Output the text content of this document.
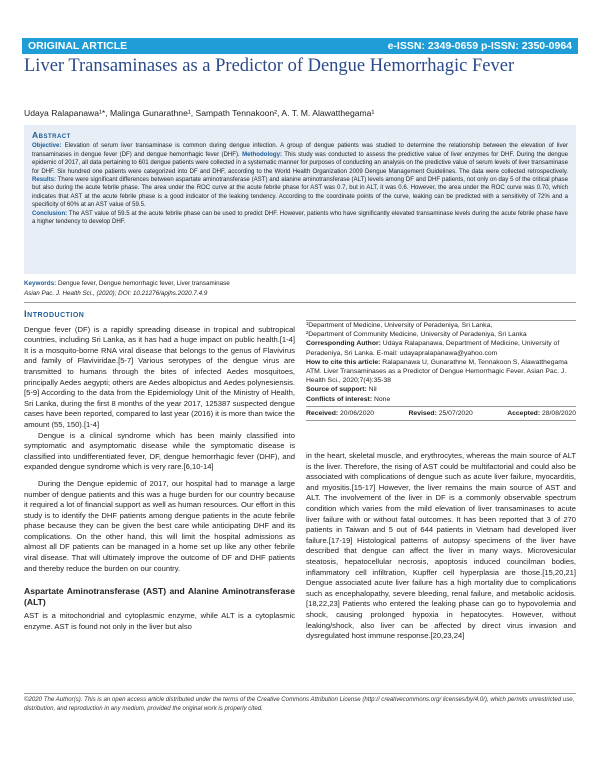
ORIGINAL ARTICLE	e-ISSN: 2349-0659 p-ISSN: 2350-0964
Liver Transaminases as a Predictor of Dengue Hemorrhagic Fever
Udaya Ralapanawa¹*, Malinga Gunarathne¹, Sampath Tennakoon², A. T. M. Alawatthegama¹
Abstract
Objective: Elevation of serum liver transaminase is common during dengue infection. A group of dengue patients was studied to determine the relationship between the elevation of liver transaminases in dengue fever (DF) and dengue hemorrhagic fever (DHF). Methodology: This study was conducted to assess the predictive value of liver enzymes for DHF. During the dengue epidemic of 2017, all data pertaining to 601 dengue patients were collected in a systematic manner for purposes of conducting an analysis on the predictive value of serum levels of liver transaminase for DHF. Six hundred one patients were categorized into DF and DHF, according to the World Health Organization 2009 Dengue Management Guidelines. The data were collected retrospectively. Results: There were significant differences between aspartate aminotransferase (AST) and alanine aminotransferase (ALT) levels among DF and DHF patients, not only on day 5 of the critical phase but also during the acute febrile phase. The area under the ROC curve at the acute febrile phase for AST was 0.7, but in ALT, it was 0.6. However, the area under the ROC curve was 0.70, which indicates that AST at the acute febrile phase is a good indicator of the leaking tendency. According to the coordinate points of the curve, leaking can be predicted with a sensitivity of 72% and a specificity of 60% at an AST value of 59.5.
Conclusion: The AST value of 59.5 at the acute febrile phase can be used to predict DHF. However, patients who have significantly elevated transaminase levels during the acute febrile phase have a higher tendency to develop DHF.
Keywords: Dengue fever, Dengue hemorrhagic fever, Liver transaminase
Asian Pac. J. Health Sci., (2020); DOI: 10.21276/apjhs.2020.7.4.9
Introduction

Dengue fever (DF) is a rapidly spreading disease in tropical and subtropical countries, including Sri Lanka, as it has had a huge impact on public health.[1-4] It is a mosquito-borne RNA viral disease that belongs to the genus of Flavivirus and family of Flaviviridae.[5-7] Various serotypes of the dengue virus are transmitted to humans through the bites of infected Aedes mosquitoes, principally Aedes aegypti; others are Aedes albopictus and Aedes polynesiensis.[5-9] According to the data from the Epidemiology Unit of the Ministry of Health, Sri Lanka, during the first 8 months of the year 2017, 125387 suspected dengue cases have been reported, compared to last year (2016) it is more than twice the amount (55, 150).[1-4]

Dengue is a clinical syndrome which has been mainly classified into symptomatic and asymptomatic disease while the symptomatic disease is classified into undifferentiated fever, DF, dengue hemorrhagic fever (DHF), and expanded dengue syndrome which is very rare.[6,10-14]

During the Dengue epidemic of 2017, our hospital had to manage a large number of dengue patients and this was a huge burden for our country because it required a lot of financial support as well as human resources. Our effort in this study is to identify the DHF patients among dengue patients in the acute febrile phase because they can be given the best care while anticipating DHF and its complications. On the other hand, this will limit the hospital admissions as almost all DF patients can be managed in a home set up like any other febrile viral disease. That will ultimately improve the outcome of DF and DHF patients and thereby reduce the burden on our country.

Aspartate Aminotransferase (AST) and Alanine Aminotransferase (ALT)

AST is a mitochondrial and cytoplasmic enzyme, while ALT is a cytoplasmic enzyme. AST is found not only in the liver but also

¹Department of Medicine, University of Peradeniya, Sri Lanka,

²Department of Community Medicine, University of Peradeniya, Sri Lanka

Corresponding Author: Udaya Ralapanawa, Department of Medicine, University of Peradeniya, Sri Lanka. E-mail: udayapralapanawa@yahoo.com

How to cite this article: Ralapanawa U, Gunarathne M, Tennakoon S, Alawatthegama ATM. Liver Transaminases as a Predictor of Dengue Hemorrhagic Fever. Asian Pac. J. Health Sci., 2020;7(4):35-38

Source of support: Nil

Conflicts of interest: None

Received: 20/06/2020	Revised: 25/07/2020	Accepted: 28/08/2020

in the heart, skeletal muscle, and erythrocytes, whereas the main source of ALT is the liver. Therefore, the rising of AST could be multifactorial and could also be associated with complications of dengue such as acute liver failure, myocarditis, and myositis.[15-17] However, the liver remains the main source of AST and ALT. The involvement of the liver in DF is a commonly observable spectrum condition which varies from the mild elevation of liver transaminases to acute liver failure with or without fatal outcomes. It has been reported that 3 of 270 patients in Taiwan and 5 out of 644 patients in Vietnam had developed liver failure.[17-19] Histological patterns of autopsy specimens of the liver have described that dengue can affect the liver in many ways. Microvesicular steatosis, hepatocellular necrosis, apoptosis induced councilman bodies, inflammatory cell infiltration, Kupffer cell hyperplasia are those.[15,20,21] Dengue associated acute liver failure has a high mortality due to complications such as encephalopathy, severe bleeding, renal failure, and metabolic acidosis.[18,22,23] Patients who entered the leaking phase can go to hypovolemia and shock, causing prolonged hypoxia in hepatocytes. However, without leaking/shock, also liver can be affected by direct virus invasion and dysregulated host immune response.[20,23,24]

©2020 The Author(s). This is an open access article distributed under the terms of the Creative Commons Attribution License (http:// creativecommons.org/ licenses/by/4.0/), which permits unrestricted use, distribution, and reproduction in any medium, provided the original work is properly cited.
